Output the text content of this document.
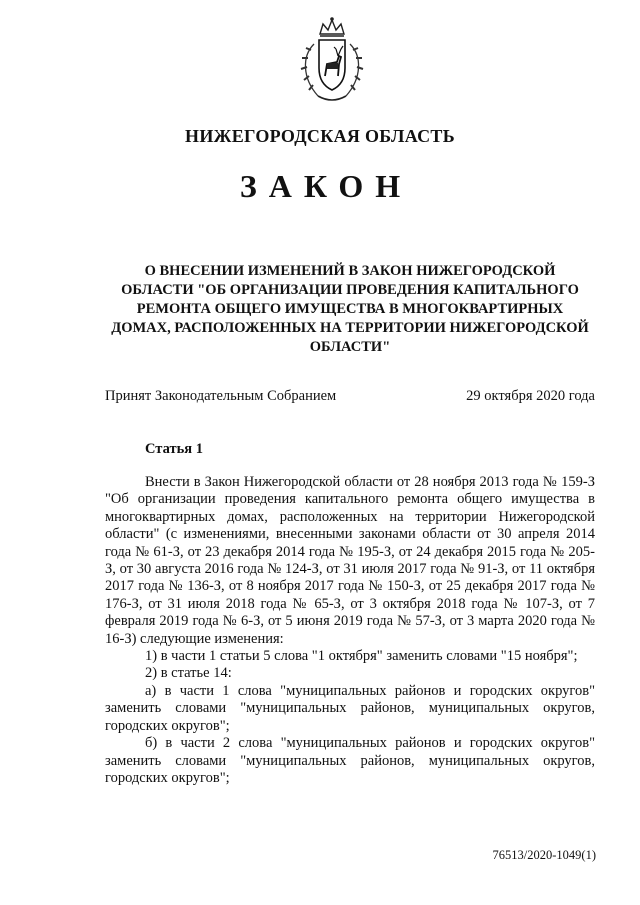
НИЖЕГОРОДСКАЯ ОБЛАСТЬ
ЗАКОН
О ВНЕСЕНИИ ИЗМЕНЕНИЙ В ЗАКОН НИЖЕГОРОДСКОЙ ОБЛАСТИ "ОБ ОРГАНИЗАЦИИ ПРОВЕДЕНИЯ КАПИТАЛЬНОГО РЕМОНТА ОБЩЕГО ИМУЩЕСТВА В МНОГОКВАРТИРНЫХ ДОМАХ, РАСПОЛОЖЕННЫХ НА ТЕРРИТОРИИ НИЖЕГОРОДСКОЙ ОБЛАСТИ"
Принят Законодательным Собранием	29 октября 2020 года
Статья 1

Внести в Закон Нижегородской области от 28 ноября 2013 года № 159-З "Об организации проведения капитального ремонта общего имущества в многоквартирных домах, расположенных на территории Нижегородской области" (с изменениями, внесенными законами области от 30 апреля 2014 года № 61-З, от 23 декабря 2014 года № 195-З, от 24 декабря 2015 года № 205-З, от 30 августа 2016 года № 124-З, от 31 июля 2017 года № 91-З, от 11 октября 2017 года № 136-З, от 8 ноября 2017 года № 150-З, от 25 декабря 2017 года № 176-З, от 31 июля 2018 года № 65-З, от 3 октября 2018 года № 107-З, от 7 февраля 2019 года № 6-З, от 5 июня 2019 года № 57-З, от 3 марта 2020 года № 16-З) следующие изменения:

1) в части 1 статьи 5 слова "1 октября" заменить словами "15 ноября";

2) в статье 14:

а) в части 1 слова "муниципальных районов и городских округов" заменить словами "муниципальных районов, муниципальных округов, городских округов";

б) в части 2 слова "муниципальных районов и городских округов" заменить словами "муниципальных районов, муниципальных округов, городских округов";

76513/2020-1049(1)
